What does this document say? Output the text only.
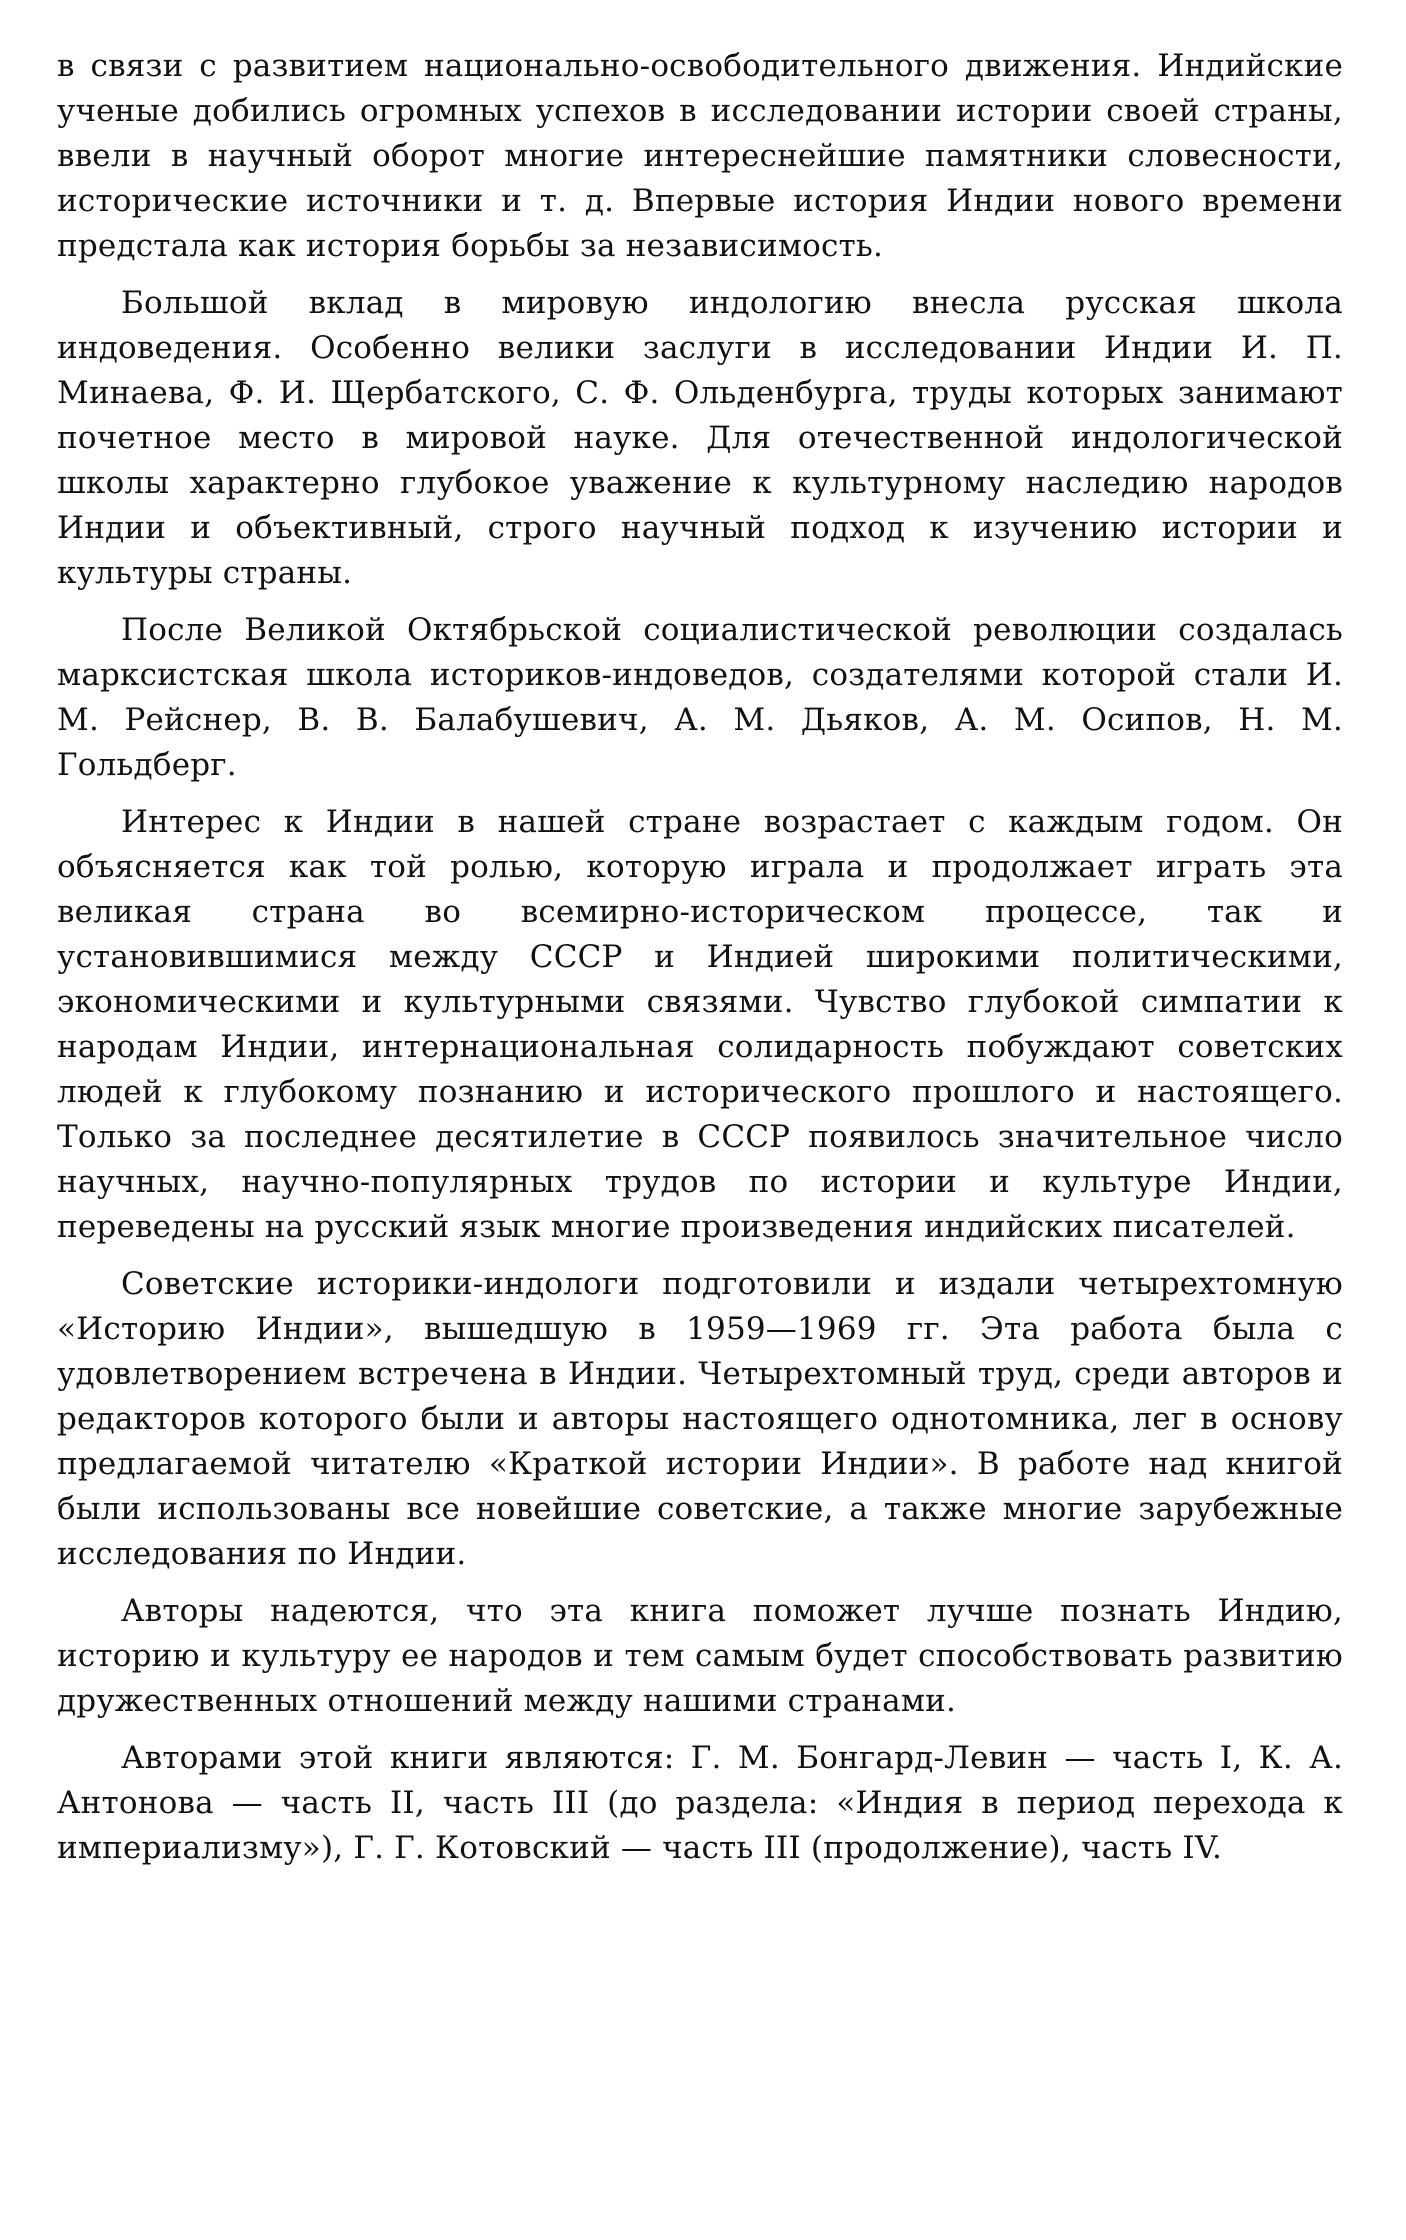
в связи с развитием национально-освободительного движения. Индийские ученые добились огромных успехов в исследовании истории своей страны, ввели в научный оборот многие интереснейшие памятники словесности, исторические источники и т. д. Впервые история Индии нового времени предстала как история борьбы за независимость.

Большой вклад в мировую индологию внесла русская школа индоведения. Особенно велики заслуги в исследовании Индии И. П. Минаева, Ф. И. Щербатского, С. Ф. Ольденбурга, труды которых занимают почетное место в мировой науке. Для отечественной индологической школы характерно глубокое уважение к культурному наследию народов Индии и объективный, строго научный подход к изучению истории и культуры страны.

После Великой Октябрьской социалистической революции создалась марксистская школа историков-индоведов, создателями которой стали И. М. Рейснер, В. В. Балабушевич, А. М. Дьяков, А. М. Осипов, Н. М. Гольдберг.

Интерес к Индии в нашей стране возрастает с каждым годом. Он объясняется как той ролью, которую играла и продолжает играть эта великая страна во всемирно-историческом процессе, так и установившимися между СССР и Индией широкими политическими, экономическими и культурными связями. Чувство глубокой симпатии к народам Индии, интернациональная солидарность побуждают советских людей к глубокому познанию и исторического прошлого и настоящего. Только за последнее десятилетие в СССР появилось значительное число научных, научно-популярных трудов по истории и культуре Индии, переведены на русский язык многие произведения индийских писателей.

Советские историки-индологи подготовили и издали четырехтомную «Историю Индии», вышедшую в 1959—1969 гг. Эта работа была с удовлетворением встречена в Индии. Четырехтомный труд, среди авторов и редакторов которого были и авторы настоящего однотомника, лег в основу предлагаемой читателю «Краткой истории Индии». В работе над книгой были использованы все новейшие советские, а также многие зарубежные исследования по Индии.

Авторы надеются, что эта книга поможет лучше познать Индию, историю и культуру ее народов и тем самым будет способствовать развитию дружественных отношений между нашими странами.

Авторами этой книги являются: Г. М. Бонгард-Левин — часть I, К. А. Антонова — часть II, часть III (до раздела: «Индия в период перехода к империализму»), Г. Г. Котовский — часть III (продолжение), часть IV.
